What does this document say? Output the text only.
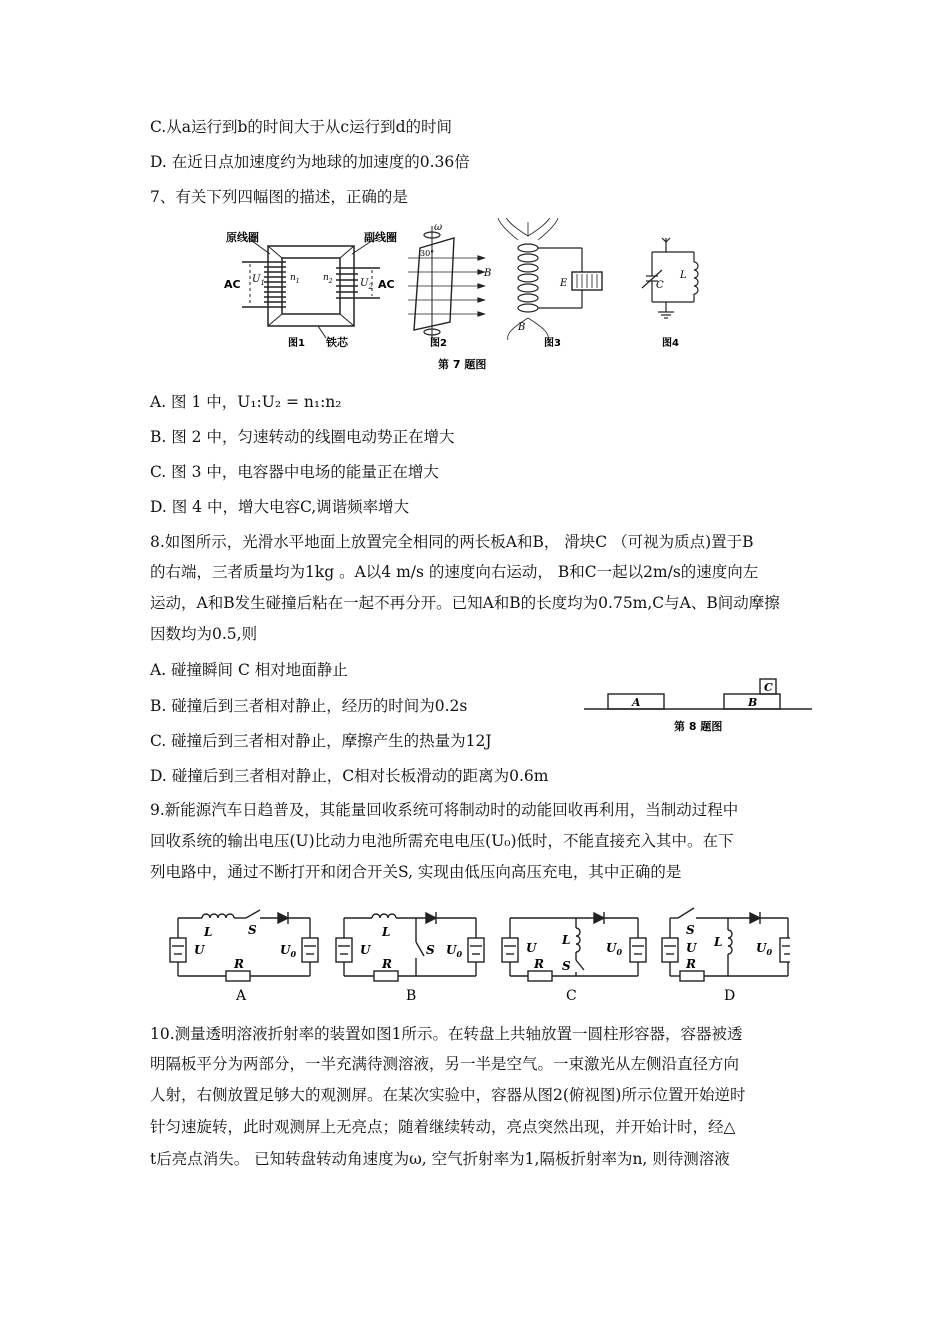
C.从a运行到b的时间大于从c运行到d的时间
D. 在近日点加速度约为地球的加速度的0.36倍
7、有关下列四幅图的描述，正确的是
原线圈	副线圈
铁芯
AC	AC
$U_1$	$U_2$
$n_1$	$n_2$
图1
ω
30°
B
图2
E
B
图3
C
L
图4
第 7 题图
A. 图 1 中，U₁:U₂ = n₁:n₂
B. 图 2 中，匀速转动的线圈电动势正在增大
C. 图 3 中，电容器中电场的能量正在增大
D. 图 4 中，增大电容C,调谐频率增大
8.如图所示，光滑水平地面上放置完全相同的两长板A和B， 滑块C （可视为质点)置于B
的右端，三者质量均为1kg 。A以4 m/s 的速度向右运动， B和C一起以2m/s的速度向左
运动，A和B发生碰撞后粘在一起不再分开。已知A和B的长度均为0.75m,C与A、B间动摩擦
因数均为0.5,则
A. 碰撞瞬间 C 相对地面静止
B. 碰撞后到三者相对静止，经历的时间为0.2s
C. 碰撞后到三者相对静止，摩擦产生的热量为12J
D. 碰撞后到三者相对静止，C相对长板滑动的距离为0.6m
A	B
C
第 8 题图
9.新能源汽车日趋普及，其能量回收系统可将制动时的动能回收再利用，当制动过程中
回收系统的输出电压(U)比动力电池所需充电电压(U₀)低时，不能直接充入其中。在下
列电路中，通过不断打开和闭合开关S, 实现由低压向高压充电，其中正确的是
L	S
U	$U_0$
R
L
S
U	$U_0$
R
L
S
U	$U_0$
R
L
S
U	$U_0$
R
A	B	C	D
10.测量透明溶液折射率的装置如图1所示。在转盘上共轴放置一圆柱形容器，容器被透
明隔板平分为两部分，一半充满待测溶液，另一半是空气。一束激光从左侧沿直径方向
人射，右侧放置足够大的观测屏。在某次实验中，容器从图2(俯视图)所示位置开始逆时
针匀速旋转，此时观测屏上无亮点；随着继续转动，亮点突然出现，并开始计时，经△
t后亮点消失。 已知转盘转动角速度为ω, 空气折射率为1,隔板折射率为n, 则待测溶液
